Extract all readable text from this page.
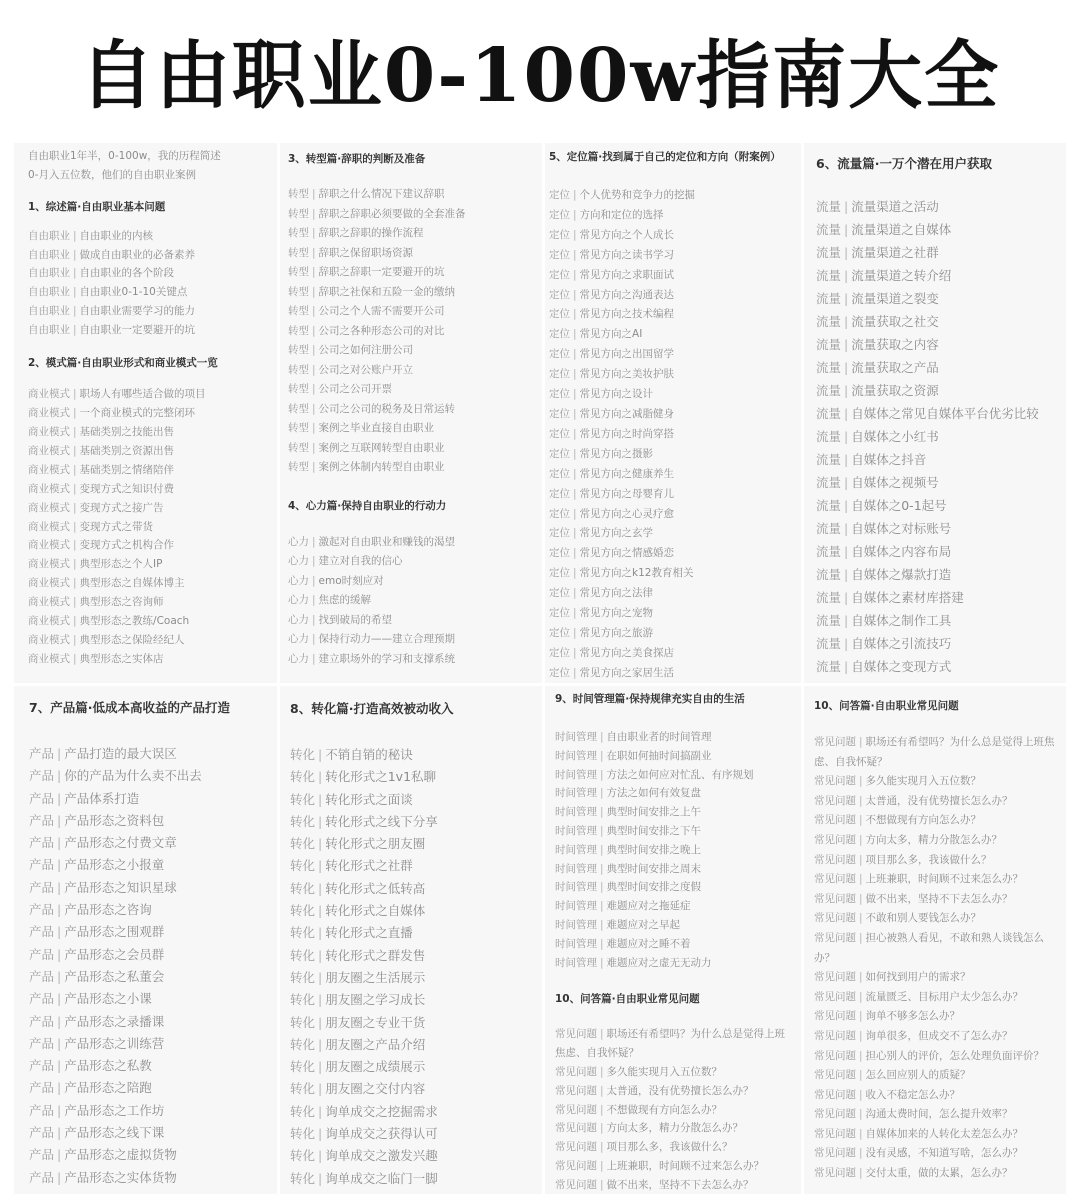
自由职业0-100w指南大全
自由职业1年半，0-100w，我的历程简述
0-月入五位数，他们的自由职业案例
1、综述篇·自由职业基本问题
自由职业 | 自由职业的内核
自由职业 | 做成自由职业的必备素养
自由职业 | 自由职业的各个阶段
自由职业 | 自由职业0-1-10关键点
自由职业 | 自由职业需要学习的能力
自由职业 | 自由职业一定要避开的坑
2、模式篇·自由职业形式和商业模式一览
商业模式 | 职场人有哪些适合做的项目
商业模式 | 一个商业模式的完整闭环
商业模式 | 基础类别之技能出售
商业模式 | 基础类别之资源出售
商业模式 | 基础类别之情绪陪伴
商业模式 | 变现方式之知识付费
商业模式 | 变现方式之接广告
商业模式 | 变现方式之带货
商业模式 | 变现方式之机构合作
商业模式 | 典型形态之个人IP
商业模式 | 典型形态之自媒体博主
商业模式 | 典型形态之咨询师
商业模式 | 典型形态之教练/Coach
商业模式 | 典型形态之保险经纪人
商业模式 | 典型形态之实体店
3、转型篇·辞职的判断及准备
转型 | 辞职之什么情况下建议辞职
转型 | 辞职之辞职必须要做的全套准备
转型 | 辞职之辞职的操作流程
转型 | 辞职之保留职场资源
转型 | 辞职之辞职一定要避开的坑
转型 | 辞职之社保和五险一金的缴纳
转型 | 公司之个人需不需要开公司
转型 | 公司之各种形态公司的对比
转型 | 公司之如何注册公司
转型 | 公司之对公账户开立
转型 | 公司之公司开票
转型 | 公司之公司的税务及日常运转
转型 | 案例之毕业直接自由职业
转型 | 案例之互联网转型自由职业
转型 | 案例之体制内转型自由职业
4、心力篇·保持自由职业的行动力
心力 | 激起对自由职业和赚钱的渴望
心力 | 建立对自我的信心
心力 | emo时刻应对
心力 | 焦虑的缓解
心力 | 找到破局的希望
心力 | 保持行动力——建立合理预期
心力 | 建立职场外的学习和支撑系统
5、定位篇·找到属于自己的定位和方向（附案例）
定位 | 个人优势和竞争力的挖掘
定位 | 方向和定位的选择
定位 | 常见方向之个人成长
定位 | 常见方向之读书学习
定位 | 常见方向之求职面试
定位 | 常见方向之沟通表达
定位 | 常见方向之技术编程
定位 | 常见方向之AI
定位 | 常见方向之出国留学
定位 | 常见方向之美妆护肤
定位 | 常见方向之设计
定位 | 常见方向之减脂健身
定位 | 常见方向之时尚穿搭
定位 | 常见方向之摄影
定位 | 常见方向之健康养生
定位 | 常见方向之母婴育儿
定位 | 常见方向之心灵疗愈
定位 | 常见方向之玄学
定位 | 常见方向之情感婚恋
定位 | 常见方向之k12教育相关
定位 | 常见方向之法律
定位 | 常见方向之宠物
定位 | 常见方向之旅游
定位 | 常见方向之美食探店
定位 | 常见方向之家居生活
6、流量篇·一万个潜在用户获取
流量 | 流量渠道之活动
流量 | 流量渠道之自媒体
流量 | 流量渠道之社群
流量 | 流量渠道之转介绍
流量 | 流量渠道之裂变
流量 | 流量获取之社交
流量 | 流量获取之内容
流量 | 流量获取之产品
流量 | 流量获取之资源
流量 | 自媒体之常见自媒体平台优劣比较
流量 | 自媒体之小红书
流量 | 自媒体之抖音
流量 | 自媒体之视频号
流量 | 自媒体之0-1起号
流量 | 自媒体之对标账号
流量 | 自媒体之内容布局
流量 | 自媒体之爆款打造
流量 | 自媒体之素材库搭建
流量 | 自媒体之制作工具
流量 | 自媒体之引流技巧
流量 | 自媒体之变现方式
7、产品篇·低成本高收益的产品打造
产品 | 产品打造的最大误区
产品 | 你的产品为什么卖不出去
产品 | 产品体系打造
产品 | 产品形态之资料包
产品 | 产品形态之付费文章
产品 | 产品形态之小报童
产品 | 产品形态之知识星球
产品 | 产品形态之咨询
产品 | 产品形态之围观群
产品 | 产品形态之会员群
产品 | 产品形态之私董会
产品 | 产品形态之小课
产品 | 产品形态之录播课
产品 | 产品形态之训练营
产品 | 产品形态之私教
产品 | 产品形态之陪跑
产品 | 产品形态之工作坊
产品 | 产品形态之线下课
产品 | 产品形态之虚拟货物
产品 | 产品形态之实体货物
8、转化篇·打造高效被动收入
转化 | 不销自销的秘诀
转化 | 转化形式之1v1私聊
转化 | 转化形式之面谈
转化 | 转化形式之线下分享
转化 | 转化形式之朋友圈
转化 | 转化形式之社群
转化 | 转化形式之低转高
转化 | 转化形式之自媒体
转化 | 转化形式之直播
转化 | 转化形式之群发售
转化 | 朋友圈之生活展示
转化 | 朋友圈之学习成长
转化 | 朋友圈之专业干货
转化 | 朋友圈之产品介绍
转化 | 朋友圈之成绩展示
转化 | 朋友圈之交付内容
转化 | 询单成交之挖掘需求
转化 | 询单成交之获得认可
转化 | 询单成交之激发兴趣
转化 | 询单成交之临门一脚
9、时间管理篇·保持规律充实自由的生活
时间管理 | 自由职业者的时间管理
时间管理 | 在职如何抽时间搞副业
时间管理 | 方法之如何应对忙乱、有序规划
时间管理 | 方法之如何有效复盘
时间管理 | 典型时间安排之上午
时间管理 | 典型时间安排之下午
时间管理 | 典型时间安排之晚上
时间管理 | 典型时间安排之周末
时间管理 | 典型时间安排之度假
时间管理 | 难题应对之拖延症
时间管理 | 难题应对之早起
时间管理 | 难题应对之睡不着
时间管理 | 难题应对之虚无无动力
10、问答篇·自由职业常见问题
常见问题 | 职场还有希望吗？为什么总是觉得上班焦虑、自我怀疑？
常见问题 | 多久能实现月入五位数？
常见问题 | 太普通，没有优势擅长怎么办？
常见问题 | 不想做现有方向怎么办？
常见问题 | 方向太多，精力分散怎么办？
常见问题 | 项目那么多，我该做什么？
常见问题 | 上班兼职，时间顾不过来怎么办？
常见问题 | 做不出来，坚持不下去怎么办？
10、问答篇·自由职业常见问题
常见问题 | 职场还有希望吗？为什么总是觉得上班焦虑、自我怀疑？
常见问题 | 多久能实现月入五位数？
常见问题 | 太普通，没有优势擅长怎么办？
常见问题 | 不想做现有方向怎么办？
常见问题 | 方向太多，精力分散怎么办？
常见问题 | 项目那么多，我该做什么？
常见问题 | 上班兼职，时间顾不过来怎么办？
常见问题 | 做不出来，坚持不下去怎么办？
常见问题 | 不敢和别人要钱怎么办？
常见问题 | 担心被熟人看见，不敢和熟人谈钱怎么办？
常见问题 | 如何找到用户的需求？
常见问题 | 流量匮乏、目标用户太少怎么办？
常见问题 | 询单不够多怎么办？
常见问题 | 询单很多，但成交不了怎么办？
常见问题 | 担心别人的评价，怎么处理负面评价？
常见问题 | 怎么回应别人的质疑？
常见问题 | 收入不稳定怎么办？
常见问题 | 沟通太费时间，怎么提升效率？
常见问题 | 自媒体加来的人转化太差怎么办？
常见问题 | 没有灵感，不知道写啥，怎么办？
常见问题 | 交付太重，做的太累，怎么办？
